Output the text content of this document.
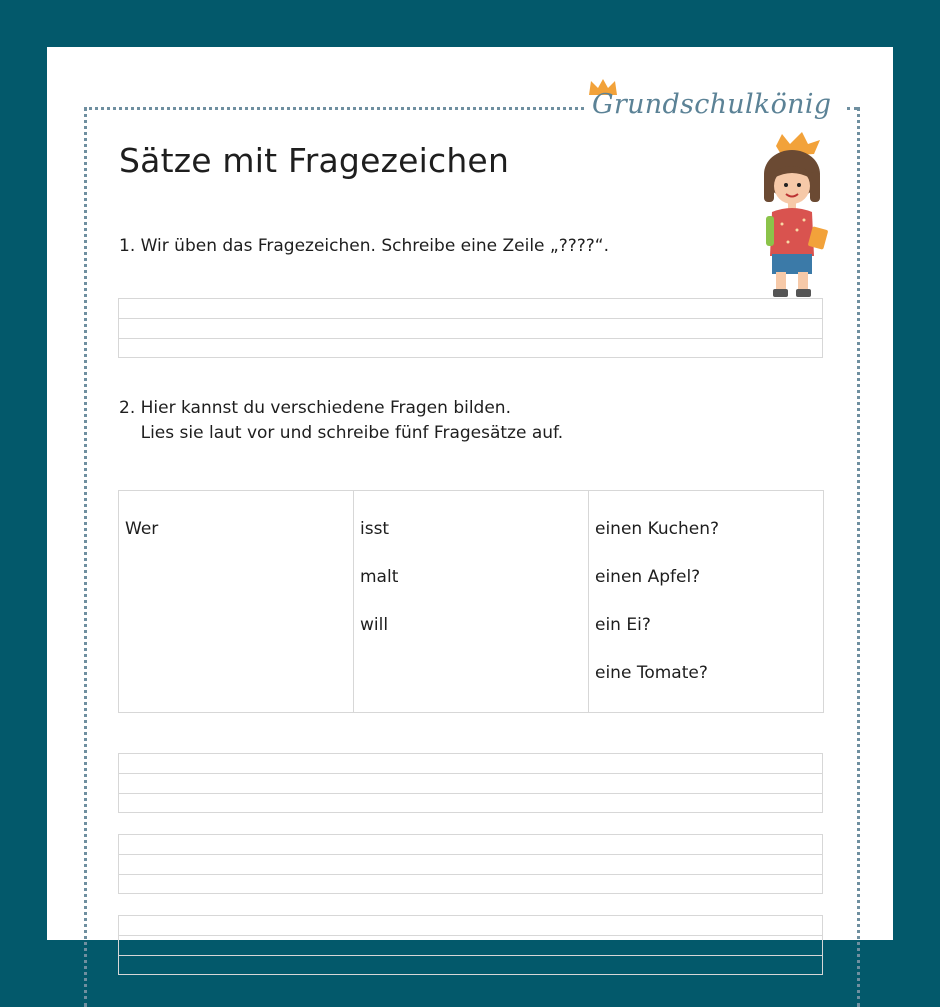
Grundschulkönig
Sätze mit Fragezeichen
1. Wir üben das Fragezeichen. Schreibe eine Zeile „????“.
2. Hier kannst du verschiedene Fragen bilden.
Lies sie laut vor und schreibe fünf Fragesätze auf.
Wer	isst
malt
will
einen Kuchen?
einen Apfel?
ein Ei?
eine Tomate?
